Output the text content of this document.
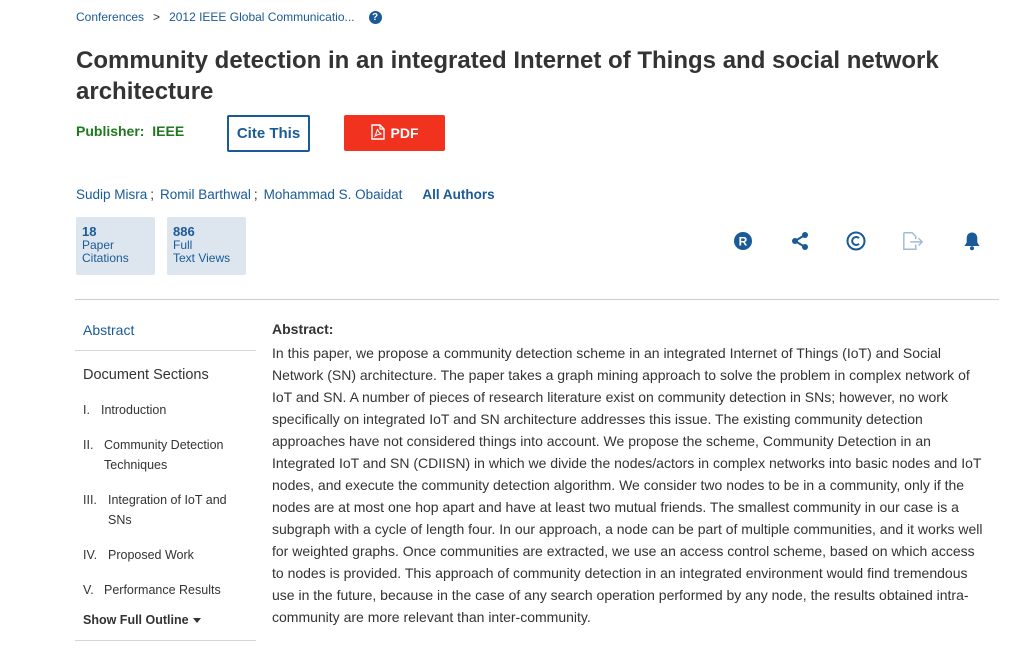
Conferences > 2012 IEEE Global Communicatio...	?
Community detection in an integrated Internet of Things and social network architecture
Publisher: IEEE	Cite This	PDF
Sudip Misra ; Romil Barthwal ; Mohammad S. Obaidat All Authors
18
Paper
Citations
886
Full
Text Views
R
Abstract
Document Sections
I. Introduction
II. Community Detection Techniques
III. Integration of IoT and SNs
IV. Proposed Work
V. Performance Results
Show Full Outline
Abstract:
In this paper, we propose a community detection scheme in an integrated Internet of Things (IoT) and Social Network (SN) architecture. The paper takes a graph mining approach to solve the problem in complex network of IoT and SN. A number of pieces of research literature exist on community detection in SNs; however, no work specifically on integrated IoT and SN architecture addresses this issue. The existing community detection approaches have not considered things into account. We propose the scheme, Community Detection in an Integrated IoT and SN (CDIISN) in which we divide the nodes/actors in complex networks into basic nodes and IoT nodes, and execute the community detection algorithm. We consider two nodes to be in a community, only if the nodes are at most one hop apart and have at least two mutual friends. The smallest community in our case is a subgraph with a cycle of length four. In our approach, a node can be part of multiple communities, and it works well for weighted graphs. Once communities are extracted, we use an access control scheme, based on which access to nodes is provided. This approach of community detection in an integrated environment would find tremendous use in the future, because in the case of any search operation performed by any node, the results obtained intra-community are more relevant than inter-community.
